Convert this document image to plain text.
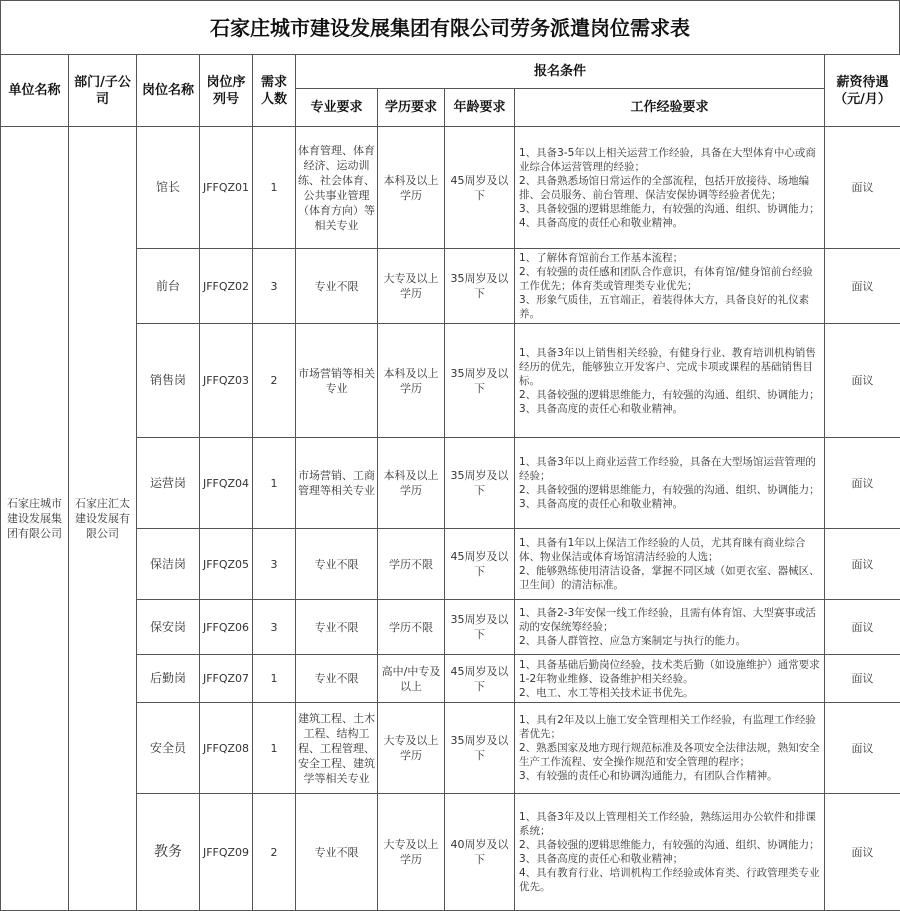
石家庄城市建设发展集团有限公司劳务派遣岗位需求表
单位名称	部门/子公司	岗位名称	岗位序列号	需求人数	报名条件				薪资待遇（元/月）
					专业要求	学历要求	年龄要求	工作经验要求	
石家庄城市建设发展集团有限公司	石家庄汇太建设发展有限公司	馆长	JFFQZ01	1	体育管理、体育经济、运动训练、社会体育、公共事业管理（体育方向）等相关专业	本科及以上学历	45周岁及以下	1、具备3-5年以上相关运营工作经验，具备在大型体育中心或商业综合体运营管理的经验；
2、具备熟悉场馆日常运作的全部流程，包括开放接待、场地编排、会员服务、前台管理、保洁安保协调等经验者优先；
3、具备较强的逻辑思维能力，有较强的沟通、组织、协调能力；
4、具备高度的责任心和敬业精神。	面议
		前台	JFFQZ02	3	专业不限	大专及以上学历	35周岁及以下	1、了解体育馆前台工作基本流程；
2、有较强的责任感和团队合作意识，有体育馆/健身馆前台经验工作优先；体育类或管理类专业优先；
3、形象气质佳，五官端正，着装得体大方，具备良好的礼仪素养。	面议
		销售岗	JFFQZ03	2	市场营销等相关专业	本科及以上学历	35周岁及以下	1、具备3年以上销售相关经验，有健身行业、教育培训机构销售经历的优先，能够独立开发客户、完成卡项或课程的基础销售目标。
2、具备较强的逻辑思维能力，有较强的沟通、组织、协调能力；
3、具备高度的责任心和敬业精神。	面议
		运营岗	JFFQZ04	1	市场营销、工商管理等相关专业	本科及以上学历	35周岁及以下	1、具备3年以上商业运营工作经验，具备在大型场馆运营管理的经验；
2、具备较强的逻辑思维能力，有较强的沟通、组织、协调能力；
3、具备高度的责任心和敬业精神。	面议
		保洁岗	JFFQZ05	3	专业不限	学历不限	45周岁及以下	1、具备有1年以上保洁工作经验的人员，尤其育睐有商业综合体、物业保洁或体育场馆清洁经验的人选；
2、能够熟练使用清洁设备，掌握不同区域（如更衣室、器械区、卫生间）的清洁标准。	面议
		保安岗	JFFQZ06	3	专业不限	学历不限	35周岁及以下	1、具备2-3年安保一线工作经验，且需有体育馆、大型赛事或活动的安保统筹经验；
2、具备人群管控、应急方案制定与执行的能力。	面议
		后勤岗	JFFQZ07	1	专业不限	高中/中专及以上	45周岁及以下	1、具备基础后勤岗位经验，技术类后勤（如设施维护）通常要求1-2年物业维修、设备维护相关经验。
2、电工、水工等相关技术证书优先。	面议
		安全员	JFFQZ08	1	建筑工程、土木工程、结构工程、工程管理、安全工程、建筑学等相关专业	大专及以上学历	35周岁及以下	1、具有2年及以上施工安全管理相关工作经验，有监理工作经验者优先；
2、熟悉国家及地方现行规范标准及各项安全法律法规，熟知安全生产工作流程、安全操作规范和安全管理的程序；
3、有较强的责任心和协调沟通能力，有团队合作精神。	面议
		教务	JFFQZ09	2	专业不限	大专及以上学历	40周岁及以下	1、具备3年及以上管理相关工作经验，熟练运用办公软件和排课系统；
2、具备较强的逻辑思维能力，有较强的沟通、组织、协调能力；
3、具备高度的责任心和敬业精神；
4、具有教育行业、培训机构工作经验或体育类、行政管理类专业优先。	面议
